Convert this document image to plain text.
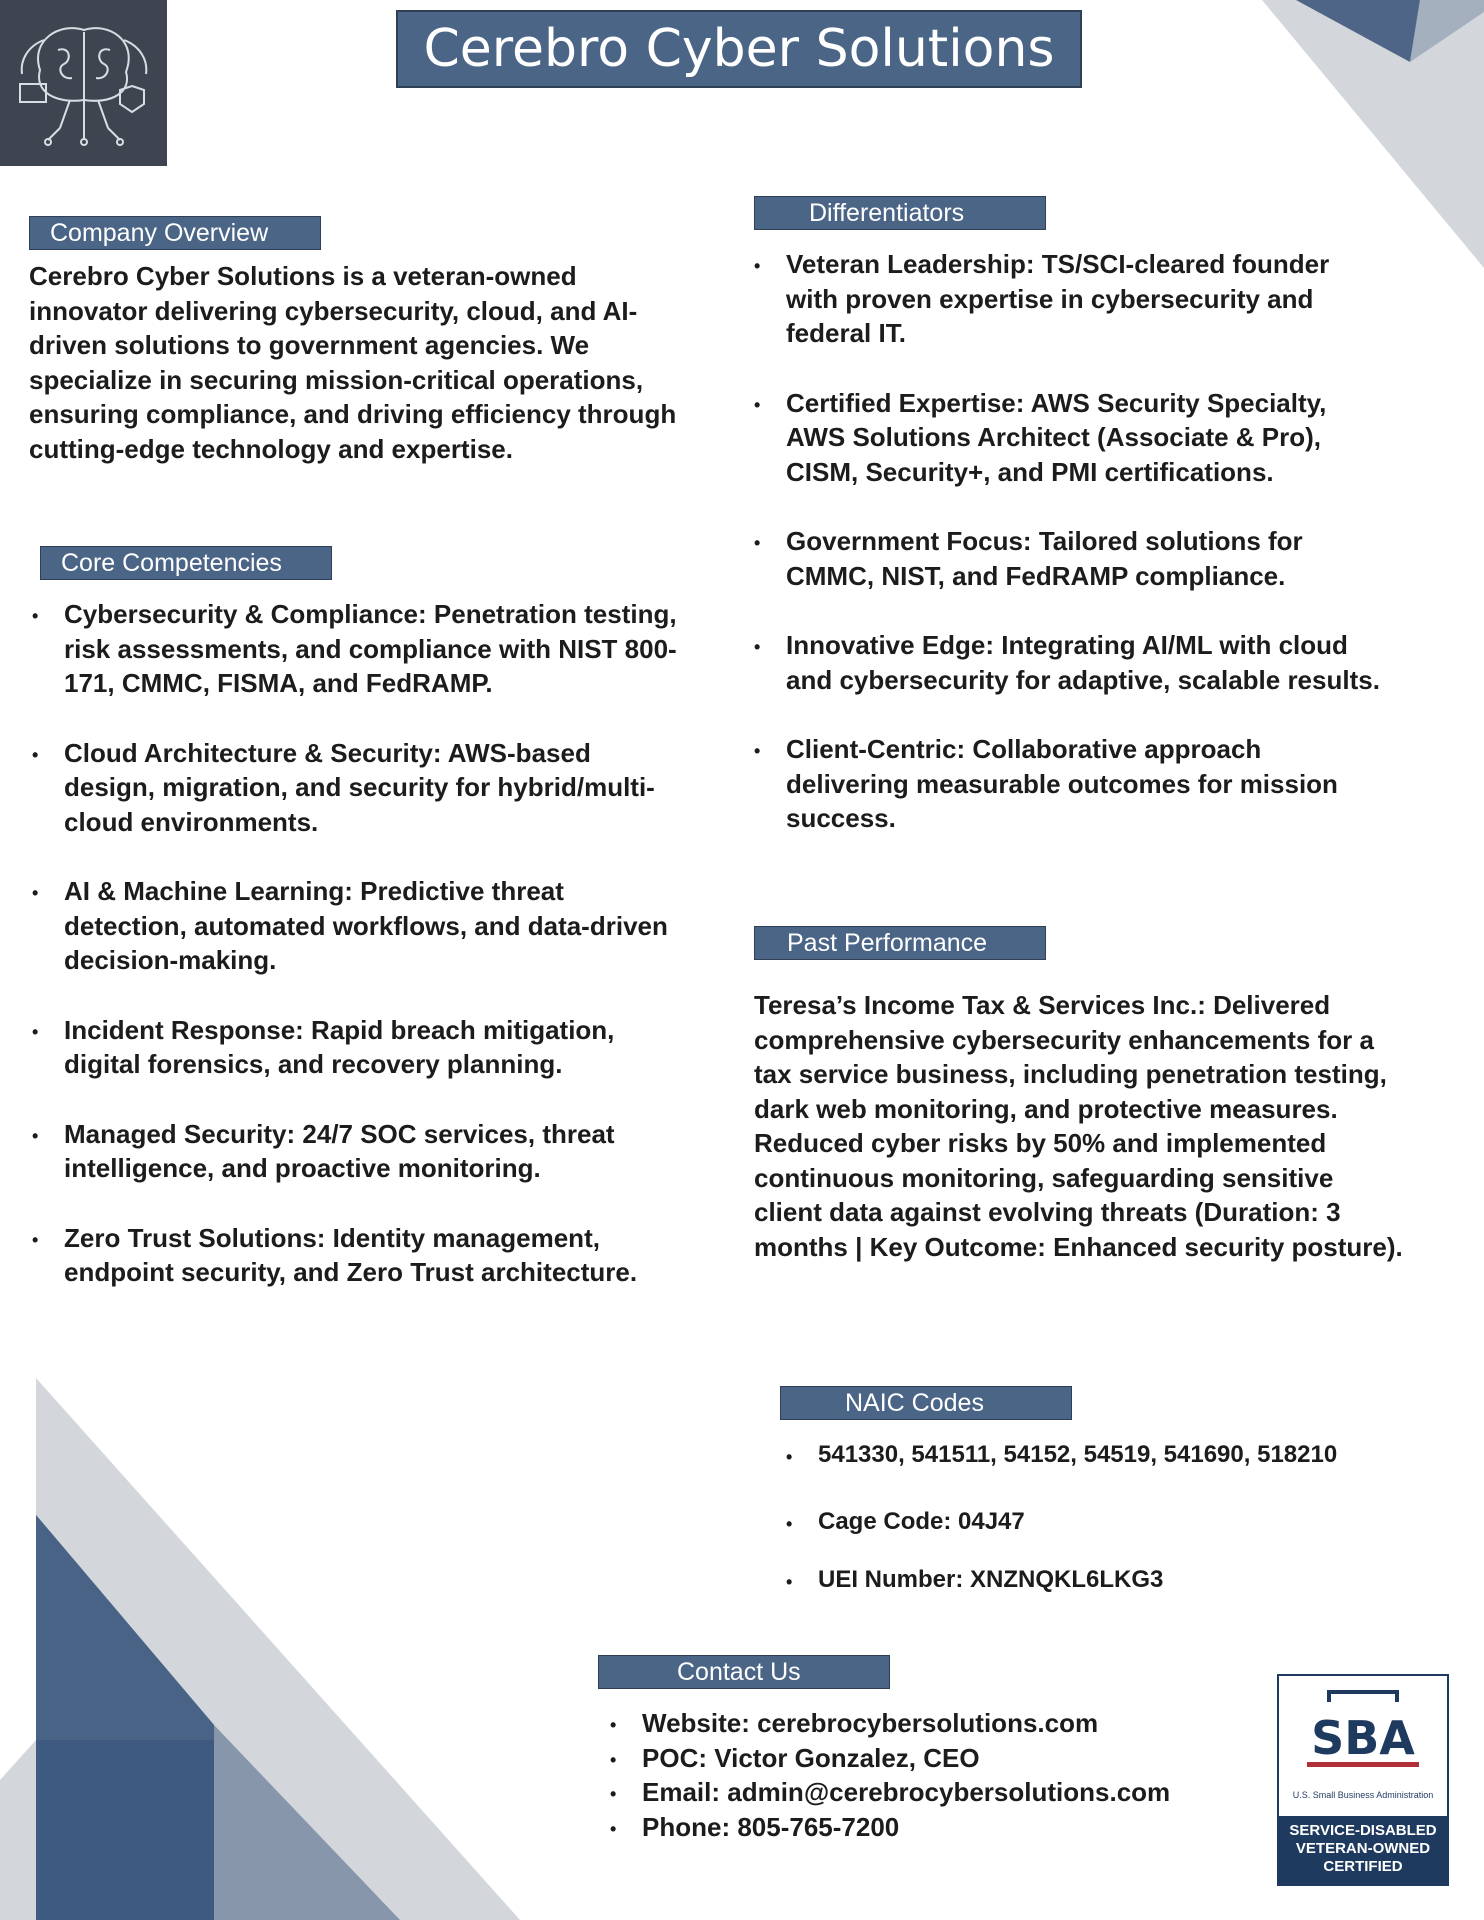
Cerebro Cyber Solutions
Company Overview
Cerebro Cyber Solutions is a veteran-owned innovator delivering cybersecurity, cloud, and AI-driven solutions to government agencies. We specialize in securing mission-critical operations, ensuring compliance, and driving efficiency through cutting-edge technology and expertise.
Core Competencies
• Cybersecurity & Compliance: Penetration testing, risk assessments, and compliance with NIST 800-171, CMMC, FISMA, and FedRAMP.
• Cloud Architecture & Security: AWS-based design, migration, and security for hybrid/multi-cloud environments.
• AI & Machine Learning: Predictive threat detection, automated workflows, and data-driven decision-making.
• Incident Response: Rapid breach mitigation, digital forensics, and recovery planning.
• Managed Security: 24/7 SOC services, threat intelligence, and proactive monitoring.
• Zero Trust Solutions: Identity management, endpoint security, and Zero Trust architecture.
Differentiators
• Veteran Leadership: TS/SCI-cleared founder with proven expertise in cybersecurity and federal IT.
• Certified Expertise: AWS Security Specialty, AWS Solutions Architect (Associate & Pro), CISM, Security+, and PMI certifications.
• Government Focus: Tailored solutions for CMMC, NIST, and FedRAMP compliance.
• Innovative Edge: Integrating AI/ML with cloud and cybersecurity for adaptive, scalable results.
• Client-Centric: Collaborative approach delivering measurable outcomes for mission success.
Past Performance
Teresa’s Income Tax & Services Inc.: Delivered comprehensive cybersecurity enhancements for a tax service business, including penetration testing, dark web monitoring, and protective measures. Reduced cyber risks by 50% and implemented continuous monitoring, safeguarding sensitive client data against evolving threats (Duration: 3 months | Key Outcome: Enhanced security posture).
NAIC Codes
• 541330, 541511, 54152, 54519, 541690, 518210
• Cage Code: 04J47
• UEI Number: XNZNQKL6LKG3
Contact Us
• Website: cerebrocybersolutions.com
• POC: Victor Gonzalez, CEO
• Email: admin@cerebrocybersolutions.com
• Phone: 805-765-7200
SBA
U.S. Small Business Administration
SERVICE-DISABLED
VETERAN-OWNED
CERTIFIED
